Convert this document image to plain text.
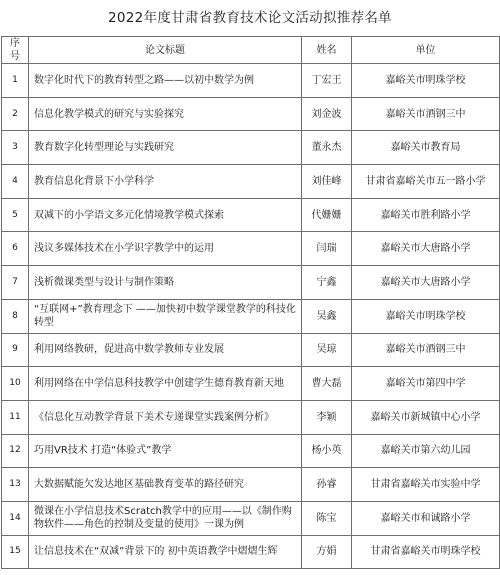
2022年度甘肃省教育技术论文活动拟推荐名单
序号	论文标题	姓名	单位
1	数字化时代下的教育转型之路——以初中数学为例	丁宏王	嘉峪关市明珠学校
2	信息化教学模式的研究与实验探究	刘金波	嘉峪关市酒钢三中
3	教育数字化转型理论与实践研究	董永杰	嘉峪关市教育局
4	教育信息化背景下小学科学	刘佳峰	甘肃省嘉峪关市五一路小学
5	双减下的小学语文多元化情境教学模式探索	代姗姗	嘉峪关市胜利路小学
6	浅议多媒体技术在小学识字教学中的运用	闫瑞	嘉峪关市大唐路小学
7	浅析微课类型与设计与制作策略	宁鑫	嘉峪关市大唐路小学
8	“互联网+”教育理念下 ——加快初中数学课堂教学的科技化转型	吴鑫	嘉峪关市明珠学校
9	利用网络教研，促进高中数学教师专业发展	吴琼	嘉峪关市酒钢三中
10	利用网络在中学信息科技教学中创建学生德育教育新天地	曹大磊	嘉峪关市第四中学
11	《信息化互动教学背景下美术专递课堂实践案例分析》	李颖	嘉峪关市新城镇中心小学
12	巧用VR技术 打造“体验式”教学	杨小英	嘉峪关市第六幼儿园
13	大数据赋能欠发达地区基础教育变革的路径研究	孙睿	甘肃省嘉峪关市实验中学
14	微课在小学信息技术Scratch教学中的应用——以《制作购物软件——角色的控制及变量的使用》一课为例	陈宝	嘉峪关市和诚路小学
15	让信息技术在“双减”背景下的 初中英语教学中熠熠生辉	方娟	甘肃省嘉峪关市明珠学校
